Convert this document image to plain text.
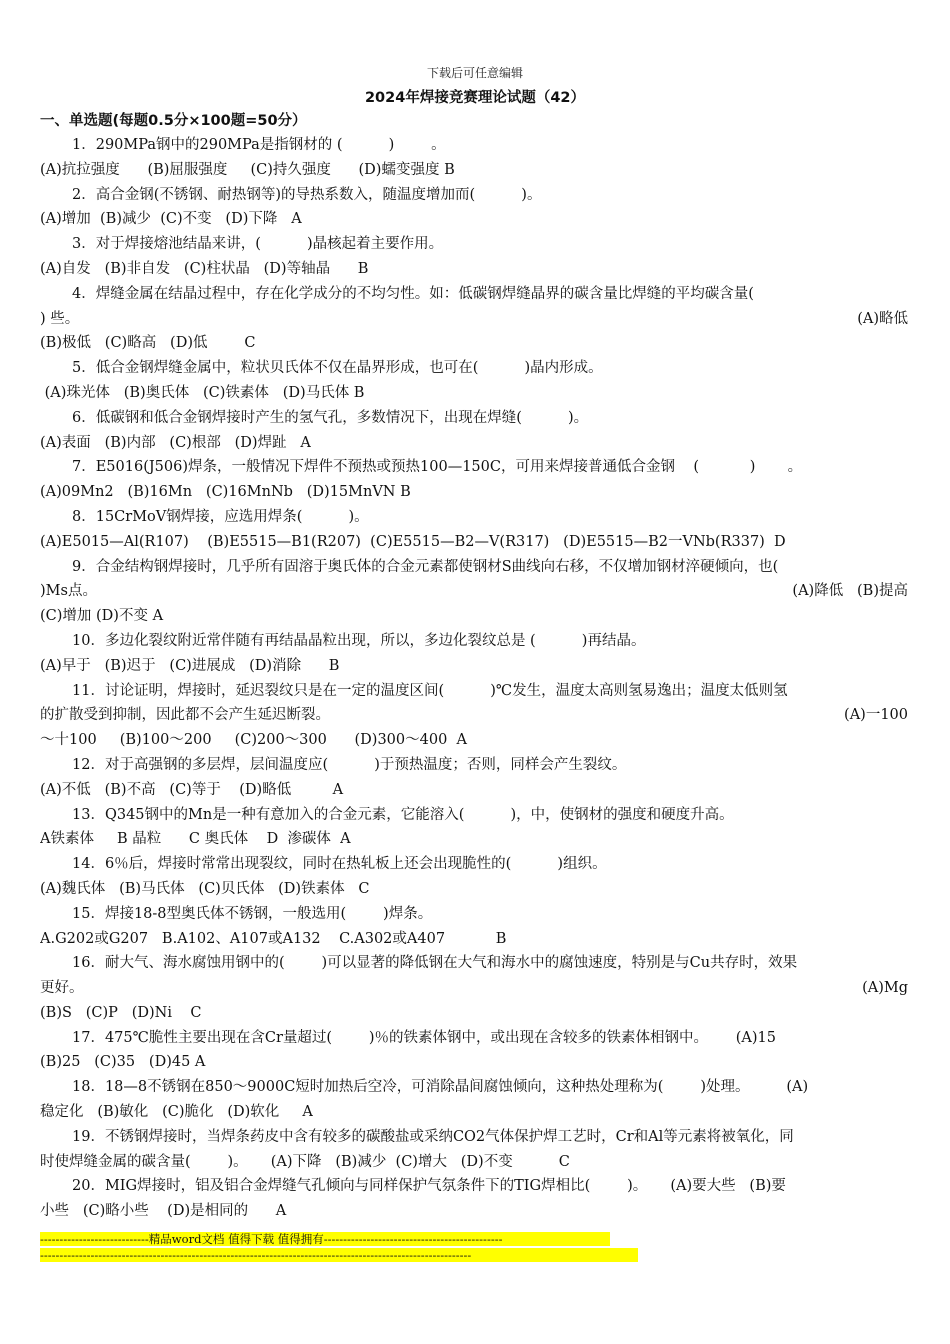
下载后可任意编辑
2024年焊接竞赛理论试题（42）
一、单选题(每题0.5分×100题=50分）
1．290MPa钢中的290MPa是指钢材的 (          )        。
(A)抗拉强度      (B)屈服强度     (C)持久强度      (D)蠕变强度 B
2．高合金钢(不锈钢、耐热钢等)的导热系数入，随温度增加而(          )。
(A)增加  (B)减少  (C)不变   (D)下降   A
3．对于焊接熔池结晶来讲，(          )晶核起着主要作用。
(A)自发   (B)非自发   (C)柱状晶   (D)等轴晶      B
4．焊缝金属在结晶过程中，存在化学成分的不均匀性。如：低碳钢焊缝晶界的碳含量比焊缝的平均碳含量(
) 些。	(A)略低
(B)极低   (C)略高   (D)低        C
5．低合金钢焊缝金属中，粒状贝氏体不仅在晶界形成，也可在(          )晶内形成。
(A)珠光体   (B)奥氏体   (C)铁素体   (D)马氏体 B
6．低碳钢和低合金钢焊接时产生的氢气孔，多数情况下，出现在焊缝(          )。
(A)表面   (B)内部   (C)根部   (D)焊趾   A
7．E5016(J506)焊条，一般情况下焊件不预热或预热100—150C，可用来焊接普通低合金钢    (           )       。
(A)09Mn2   (B)16Mn   (C)16MnNb   (D)15MnVN B
8．15CrMoV钢焊接，应选用焊条(          )。
(A)E5015—Al(R107)    (B)E5515—B1(R207)  (C)E5515—B2—V(R317)   (D)E5515—B2一VNb(R337)  D
9．合金结构钢焊接时，几乎所有固溶于奥氏体的合金元素都使钢材S曲线向右移，不仅增加钢材淬硬倾向，也(
)Ms点。	(A)降低   (B)提高
(C)增加 (D)不变 A
10．多边化裂纹附近常伴随有再结晶晶粒出现，所以，多边化裂纹总是 (          )再结晶。
(A)早于   (B)迟于   (C)进展成   (D)消除      B
11．讨论证明，焊接时，延迟裂纹只是在一定的温度区间(          )℃发生，温度太高则氢易逸出；温度太低则氢
的扩散受到抑制，因此都不会产生延迟断裂。	(A)一100
～十100     (B)100～200     (C)200～300      (D)300～400  A
12．对于高强钢的多层焊，层间温度应(          )于预热温度；否则，同样会产生裂纹。
(A)不低   (B)不高   (C)等于    (D)略低         A
13．Q345钢中的Mn是一种有意加入的合金元素，它能溶入(          )，中，使钢材的强度和硬度升高。
A铁素体     B 晶粒      C 奥氏体    D  渗碳体  A
14．6％后，焊接时常常出现裂纹，同时在热轧板上还会出现脆性的(          )组织。
(A)魏氏体   (B)马氏体   (C)贝氏体   (D)铁素体   C
15．焊接18-8型奥氏体不锈钢，一般选用(        )焊条。
A.G202或G207   B.A102、A107或A132    C.A302或A407           B
16．耐大气、海水腐蚀用钢中的(        )可以显著的降低钢在大气和海水中的腐蚀速度，特别是与Cu共存时，效果
更好。	(A)Mg
(B)S   (C)P   (D)Ni    C
17．475℃脆性主要出现在含Cr量超过(        )％的铁素体钢中，或出现在含较多的铁素体相钢中。      (A)15
(B)25   (C)35   (D)45 A
18．18—8不锈钢在850～9000C短时加热后空冷，可消除晶间腐蚀倾向，这种热处理称为(        )处理。        (A)
稳定化   (B)敏化   (C)脆化   (D)软化     A
19．不锈钢焊接时，当焊条药皮中含有较多的碳酸盐或采纳CO2气体保护焊工艺时，Cr和Al等元素将被氧化，同
时使焊缝金属的碳含量(        )。     (A)下降   (B)减少  (C)增大   (D)不变          C
20．MIG焊接时，铝及铝合金焊缝气孔倾向与同样保护气氛条件下的TIG焊相比(        )。     (A)要大些   (B)要
小些   (C)略小些    (D)是相同的      A
----------------------------精品word文档 值得下载 值得拥有----------------------------------------------
---------------------------------------------------------------------------------------------------------------
